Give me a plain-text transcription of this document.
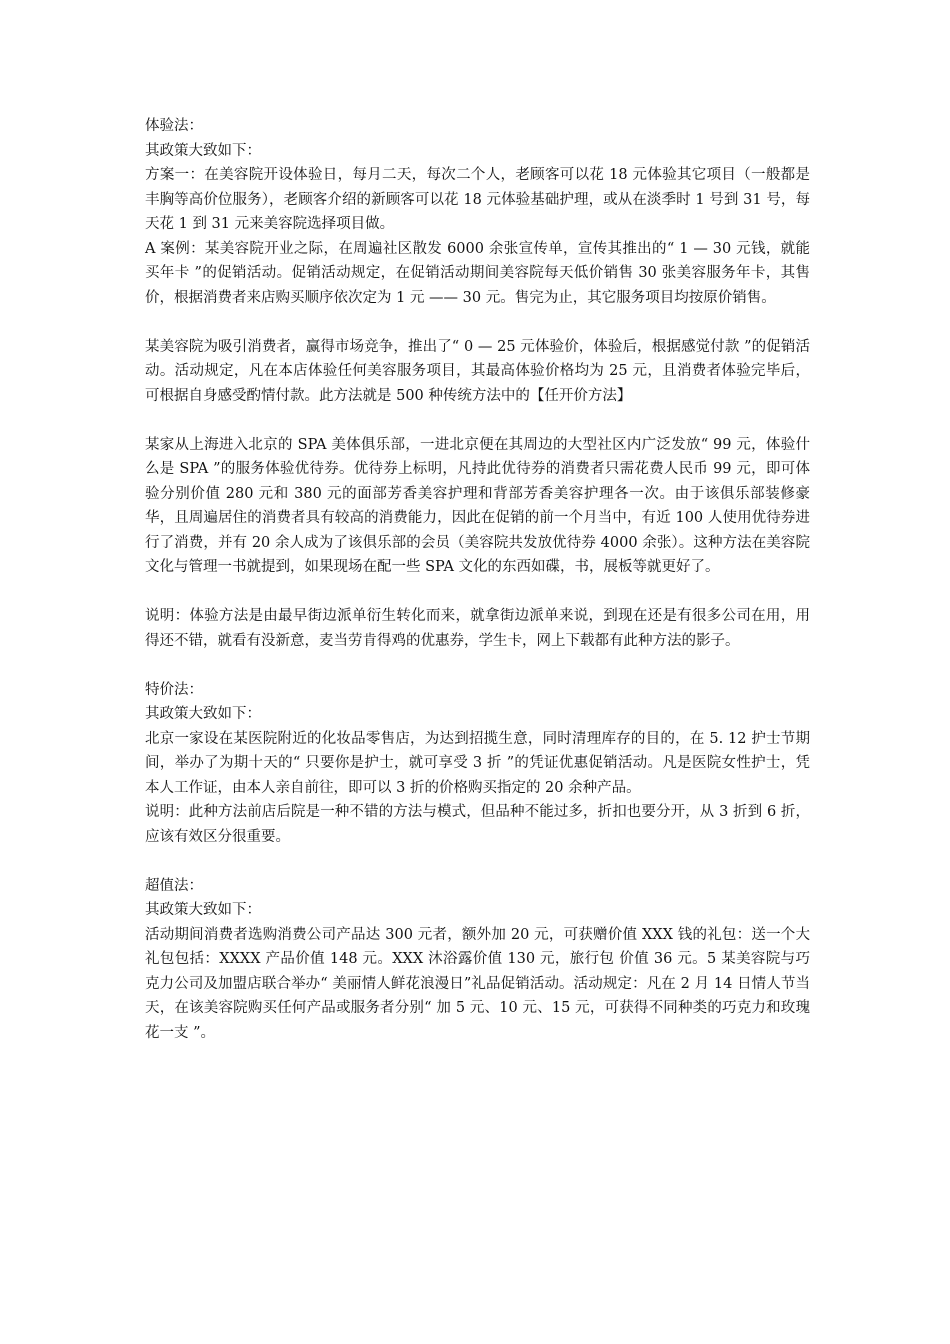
体验法：

其政策大致如下：

方案一：在美容院开设体验日，每月二天，每次二个人，老顾客可以花 18 元体验其它项目（一般都是丰胸等高价位服务），老顾客介绍的新顾客可以花 18 元体验基础护理，或从在淡季时 1 号到 31 号，每天花 1 到 31 元来美容院选择项目做。

A 案例：某美容院开业之际，在周遍社区散发 6000 余张宣传单，宣传其推出的“ 1 — 30 元钱，就能买年卡 ”的促销活动。促销活动规定，在促销活动期间美容院每天低价销售 30 张美容服务年卡，其售价，根据消费者来店购买顺序依次定为 1 元 —— 30 元。售完为止，其它服务项目均按原价销售。

某美容院为吸引消费者，赢得市场竞争，推出了“ 0 — 25 元体验价，体验后，根据感觉付款 ”的促销活动。活动规定，凡在本店体验任何美容服务项目，其最高体验价格均为 25 元，且消费者体验完毕后，可根据自身感受酌情付款。此方法就是 500 种传统方法中的【任开价方法】

某家从上海进入北京的 SPA 美体俱乐部，一进北京便在其周边的大型社区内广泛发放“ 99 元，体验什么是 SPA ”的服务体验优待券。优待券上标明，凡持此优待券的消费者只需花费人民币 99 元，即可体验分别价值 280 元和 380 元的面部芳香美容护理和背部芳香美容护理各一次。由于该俱乐部装修豪华，且周遍居住的消费者具有较高的消费能力，因此在促销的前一个月当中，有近 100 人使用优待券进行了消费，并有 20 余人成为了该俱乐部的会员（美容院共发放优待券 4000 余张）。这种方法在美容院文化与管理一书就提到，如果现场在配一些 SPA 文化的东西如碟，书，展板等就更好了。

说明：体验方法是由最早街边派单衍生转化而来，就拿街边派单来说，到现在还是有很多公司在用，用得还不错，就看有没新意，麦当劳肯得鸡的优惠券，学生卡，网上下载都有此种方法的影子。

特价法：

其政策大致如下：

北京一家设在某医院附近的化妆品零售店，为达到招揽生意，同时清理库存的目的，在 5. 12 护士节期间，举办了为期十天的“ 只要你是护士，就可享受 3 折 ”的凭证优惠促销活动。凡是医院女性护士，凭本人工作证，由本人亲自前往，即可以 3 折的价格购买指定的 20 余种产品。

说明：此种方法前店后院是一种不错的方法与模式，但品种不能过多，折扣也要分开，从 3 折到 6 折，应该有效区分很重要。

超值法：

其政策大致如下：

活动期间消费者选购消费公司产品达 300 元者，额外加 20 元，可获赠价值 XXX 钱的礼包：送一个大礼包包括：XXXX 产品价值 148 元。XXX 沐浴露价值 130 元，旅行包 价值 36 元。5 某美容院与巧克力公司及加盟店联合举办“ 美丽情人鲜花浪漫日”礼品促销活动。活动规定：凡在 2 月 14 日情人节当天，在该美容院购买任何产品或服务者分别“ 加 5 元、10 元、15 元，可获得不同种类的巧克力和玫瑰花一支 ”。
